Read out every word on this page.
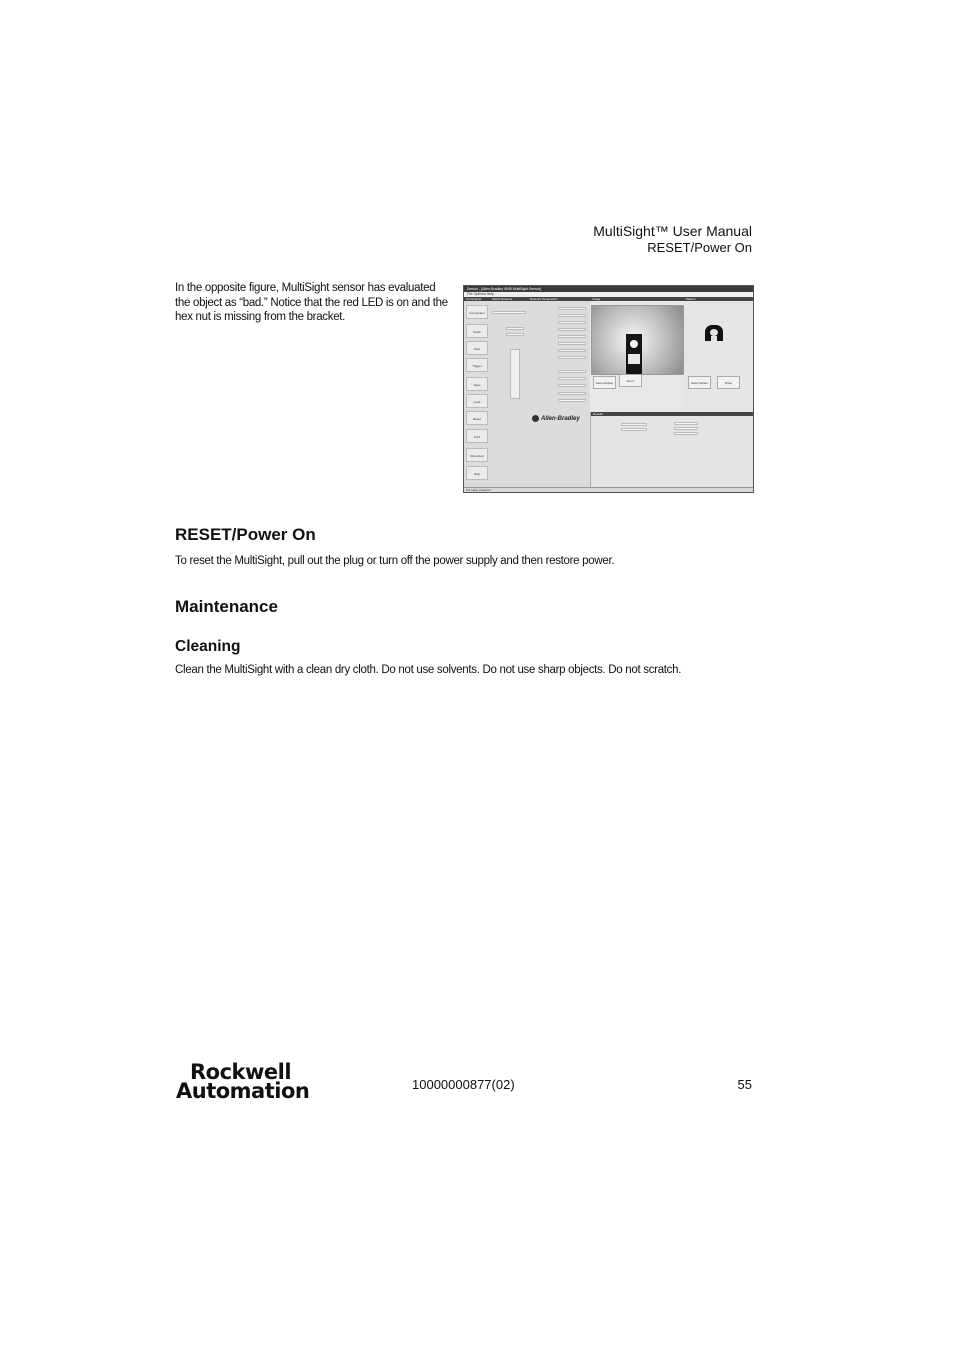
MultiSight™ User Manual
RESET/Power On
In the opposite figure, MultiSight sensor has evaluated the object as “bad.” Notice that the red LED is on and the hex nut is missing from the bracket.
Sensor - [Allen-Bradley 4945 MultiSight Sensor]
File Options Help
Commands
Connection
Teach
Stop
Trigger
Save
Load
Reset
Print
Recorded
Help
Select Detector	Detector Parameters
Allen-Bradley
Image
Save Display	Zoom
Pattern
Save Pattern	Draw
Results
For Help, press F1
RESET/Power On
To reset the MultiSight, pull out the plug or turn off the power supply and then restore power.
Maintenance
Cleaning
Clean the MultiSight with a clean dry cloth. Do not use solvents. Do not use sharp objects. Do not scratch.
Rockwell
Automation	10000000877(02)	55
